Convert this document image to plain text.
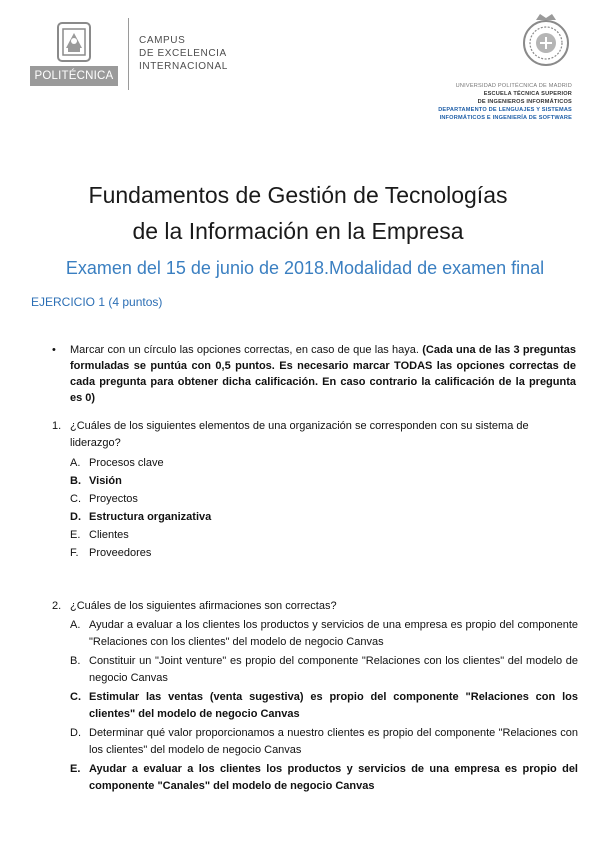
POLITÉCNICA
CAMPUS
DE EXCELENCIA
INTERNACIONAL
UNIVERSIDAD POLITÉCNICA DE MADRID
ESCUELA TÉCNICA SUPERIOR
DE INGENIEROS INFORMÁTICOS
DEPARTAMENTO DE LENGUAJES Y SISTEMAS
INFORMÁTICOS E INGENIERÍA DE SOFTWARE
Fundamentos de Gestión de Tecnologías
de la Información en la Empresa
Examen del 15 de junio de 2018.Modalidad de examen final
EJERCICIO 1 (4 puntos)
• Marcar con un círculo las opciones correctas, en caso de que las haya. (Cada una de las 3 preguntas formuladas se puntúa con 0,5 puntos. Es necesario marcar TODAS las opciones correctas de cada pregunta para obtener dicha calificación. En caso contrario la calificación de la pregunta es 0)
1. ¿Cuáles de los siguientes elementos de una organización se corresponden con su sistema de liderazgo?
A. Procesos clave
B. Visión
C. Proyectos
D. Estructura organizativa
E. Clientes
F. Proveedores
2. ¿Cuáles de los siguientes afirmaciones son correctas?
A. Ayudar a evaluar a los clientes los productos y servicios de una empresa es propio del componente "Relaciones con los clientes" del modelo de negocio Canvas
B. Constituir un "Joint venture" es propio del componente "Relaciones con los clientes" del modelo de negocio Canvas
C. Estimular las ventas (venta sugestiva) es propio del componente "Relaciones con los clientes" del modelo de negocio Canvas
D. Determinar qué valor proporcionamos a nuestro clientes es propio del componente "Relaciones con los clientes" del modelo de negocio Canvas
E. Ayudar a evaluar a los clientes los productos y servicios de una empresa es propio del componente "Canales" del modelo de negocio Canvas
